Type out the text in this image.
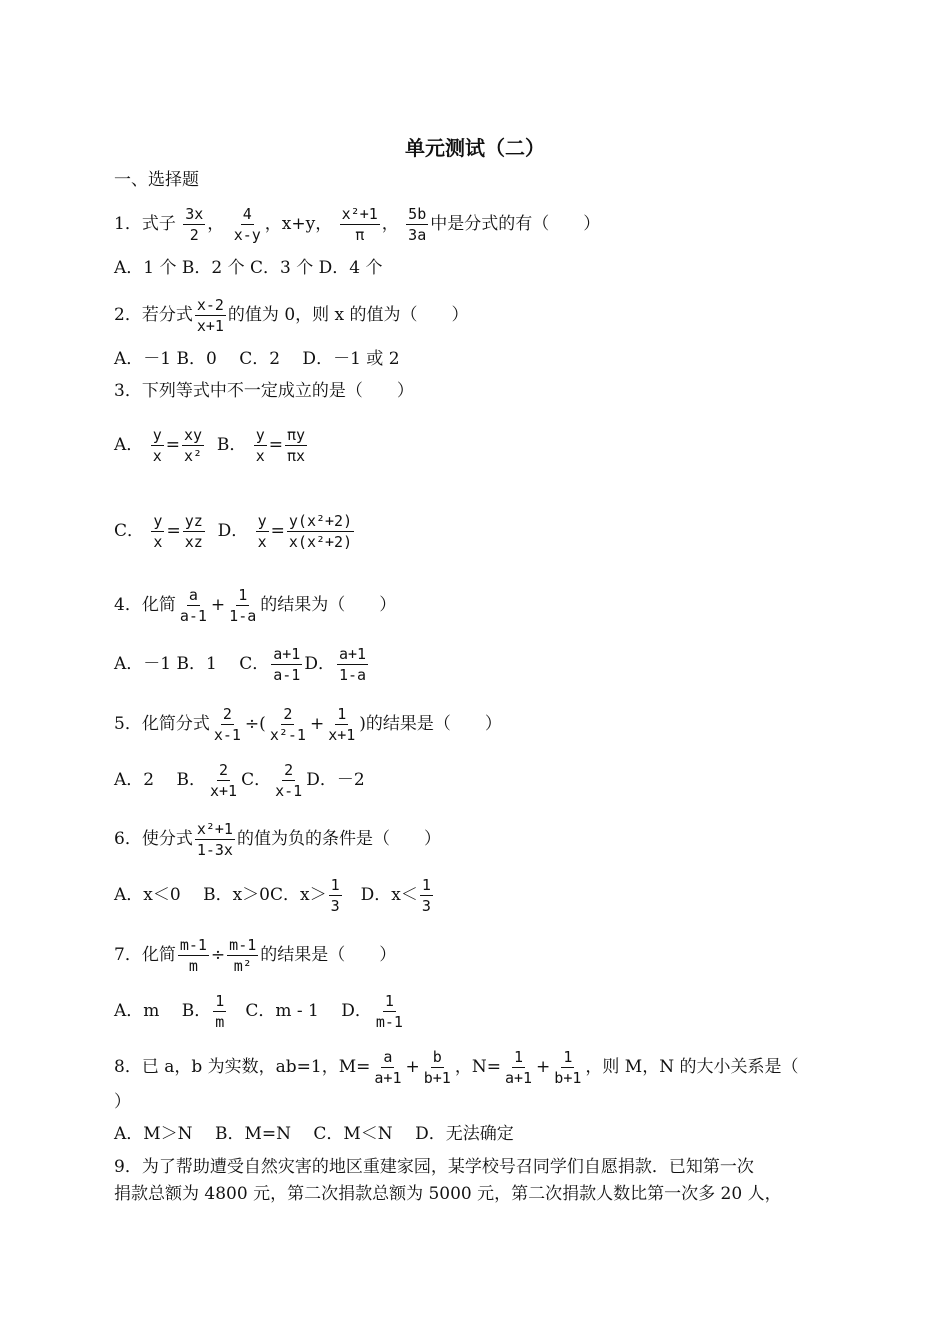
单元测试（二）
一、选择题
1．式子 $\frac{3x}{2}$ ， $\frac{4}{x-y}$ ，x+y， $\frac{\text{x²+1}}{\pi}$ ， $\frac{5b}{3a}$ 中是分式的有（　　）
A．1 个 B．2 个 C．3 个 D．4 个
2．若分式 $\frac{x-2}{x+1}$ 的值为 0，则 x 的值为（　　）
A．－1 B．0　 C．2　 D．－1 或 2
3．下列等式中不一定成立的是（　　）
A． $\frac{y}{x} = \frac{xy}{\text{x²}}$ B． $\frac{y}{x} = \frac{\pi y}{\pi x}$
C． $\frac{y}{x} = \frac{yz}{xz}$ D． $\frac{y}{x} = \frac{\text{y(x²+2)}}{\text{x(x²+2)}}$
4．化简 $\frac{a}{a-1} + \frac{1}{1-a}$ 的结果为（　　）
A．－1 B．1　 C． $\frac{a+1}{a-1}$ D． $\frac{a+1}{1-a}$
5．化简分式 $\frac{2}{x-1}$ ÷( $\frac{2}{\text{x²-1}} + \frac{1}{x+1}$ )的结果是（　　）
A．2　 B． $\frac{2}{x+1}$ C． $\frac{2}{x-1}$ D．－2
6．使分式 $\frac{\text{x²+1}}{1-3x}$ 的值为负的条件是（　　）
A．x＜0　 B．x＞0C．$x> \frac{1}{3}$ 　D．$x< \frac{1}{3}$
7．化简 $\frac{m-1}{m} \div \frac{m-1}{\text{m²}}$ 的结果是（　　）
A．m　 B． $\frac{1}{m}$ 　C．m - 1　 D． $\frac{1}{m-1}$
8．已 a，b 为实数，ab=1，$M= \frac{a}{a+1} + \frac{b}{b+1}$ ，$N= \frac{1}{a+1} + \frac{1}{b+1}$ ，则 M，N 的大小关系是（
）
A．M＞N　 B．M=N　 C．M＜N　 D．无法确定
9．为了帮助遭受自然灾害的地区重建家园，某学校号召同学们自愿捐款．已知第一次
捐款总额为 4800 元，第二次捐款总额为 5000 元，第二次捐款人数比第一次多 20 人，
